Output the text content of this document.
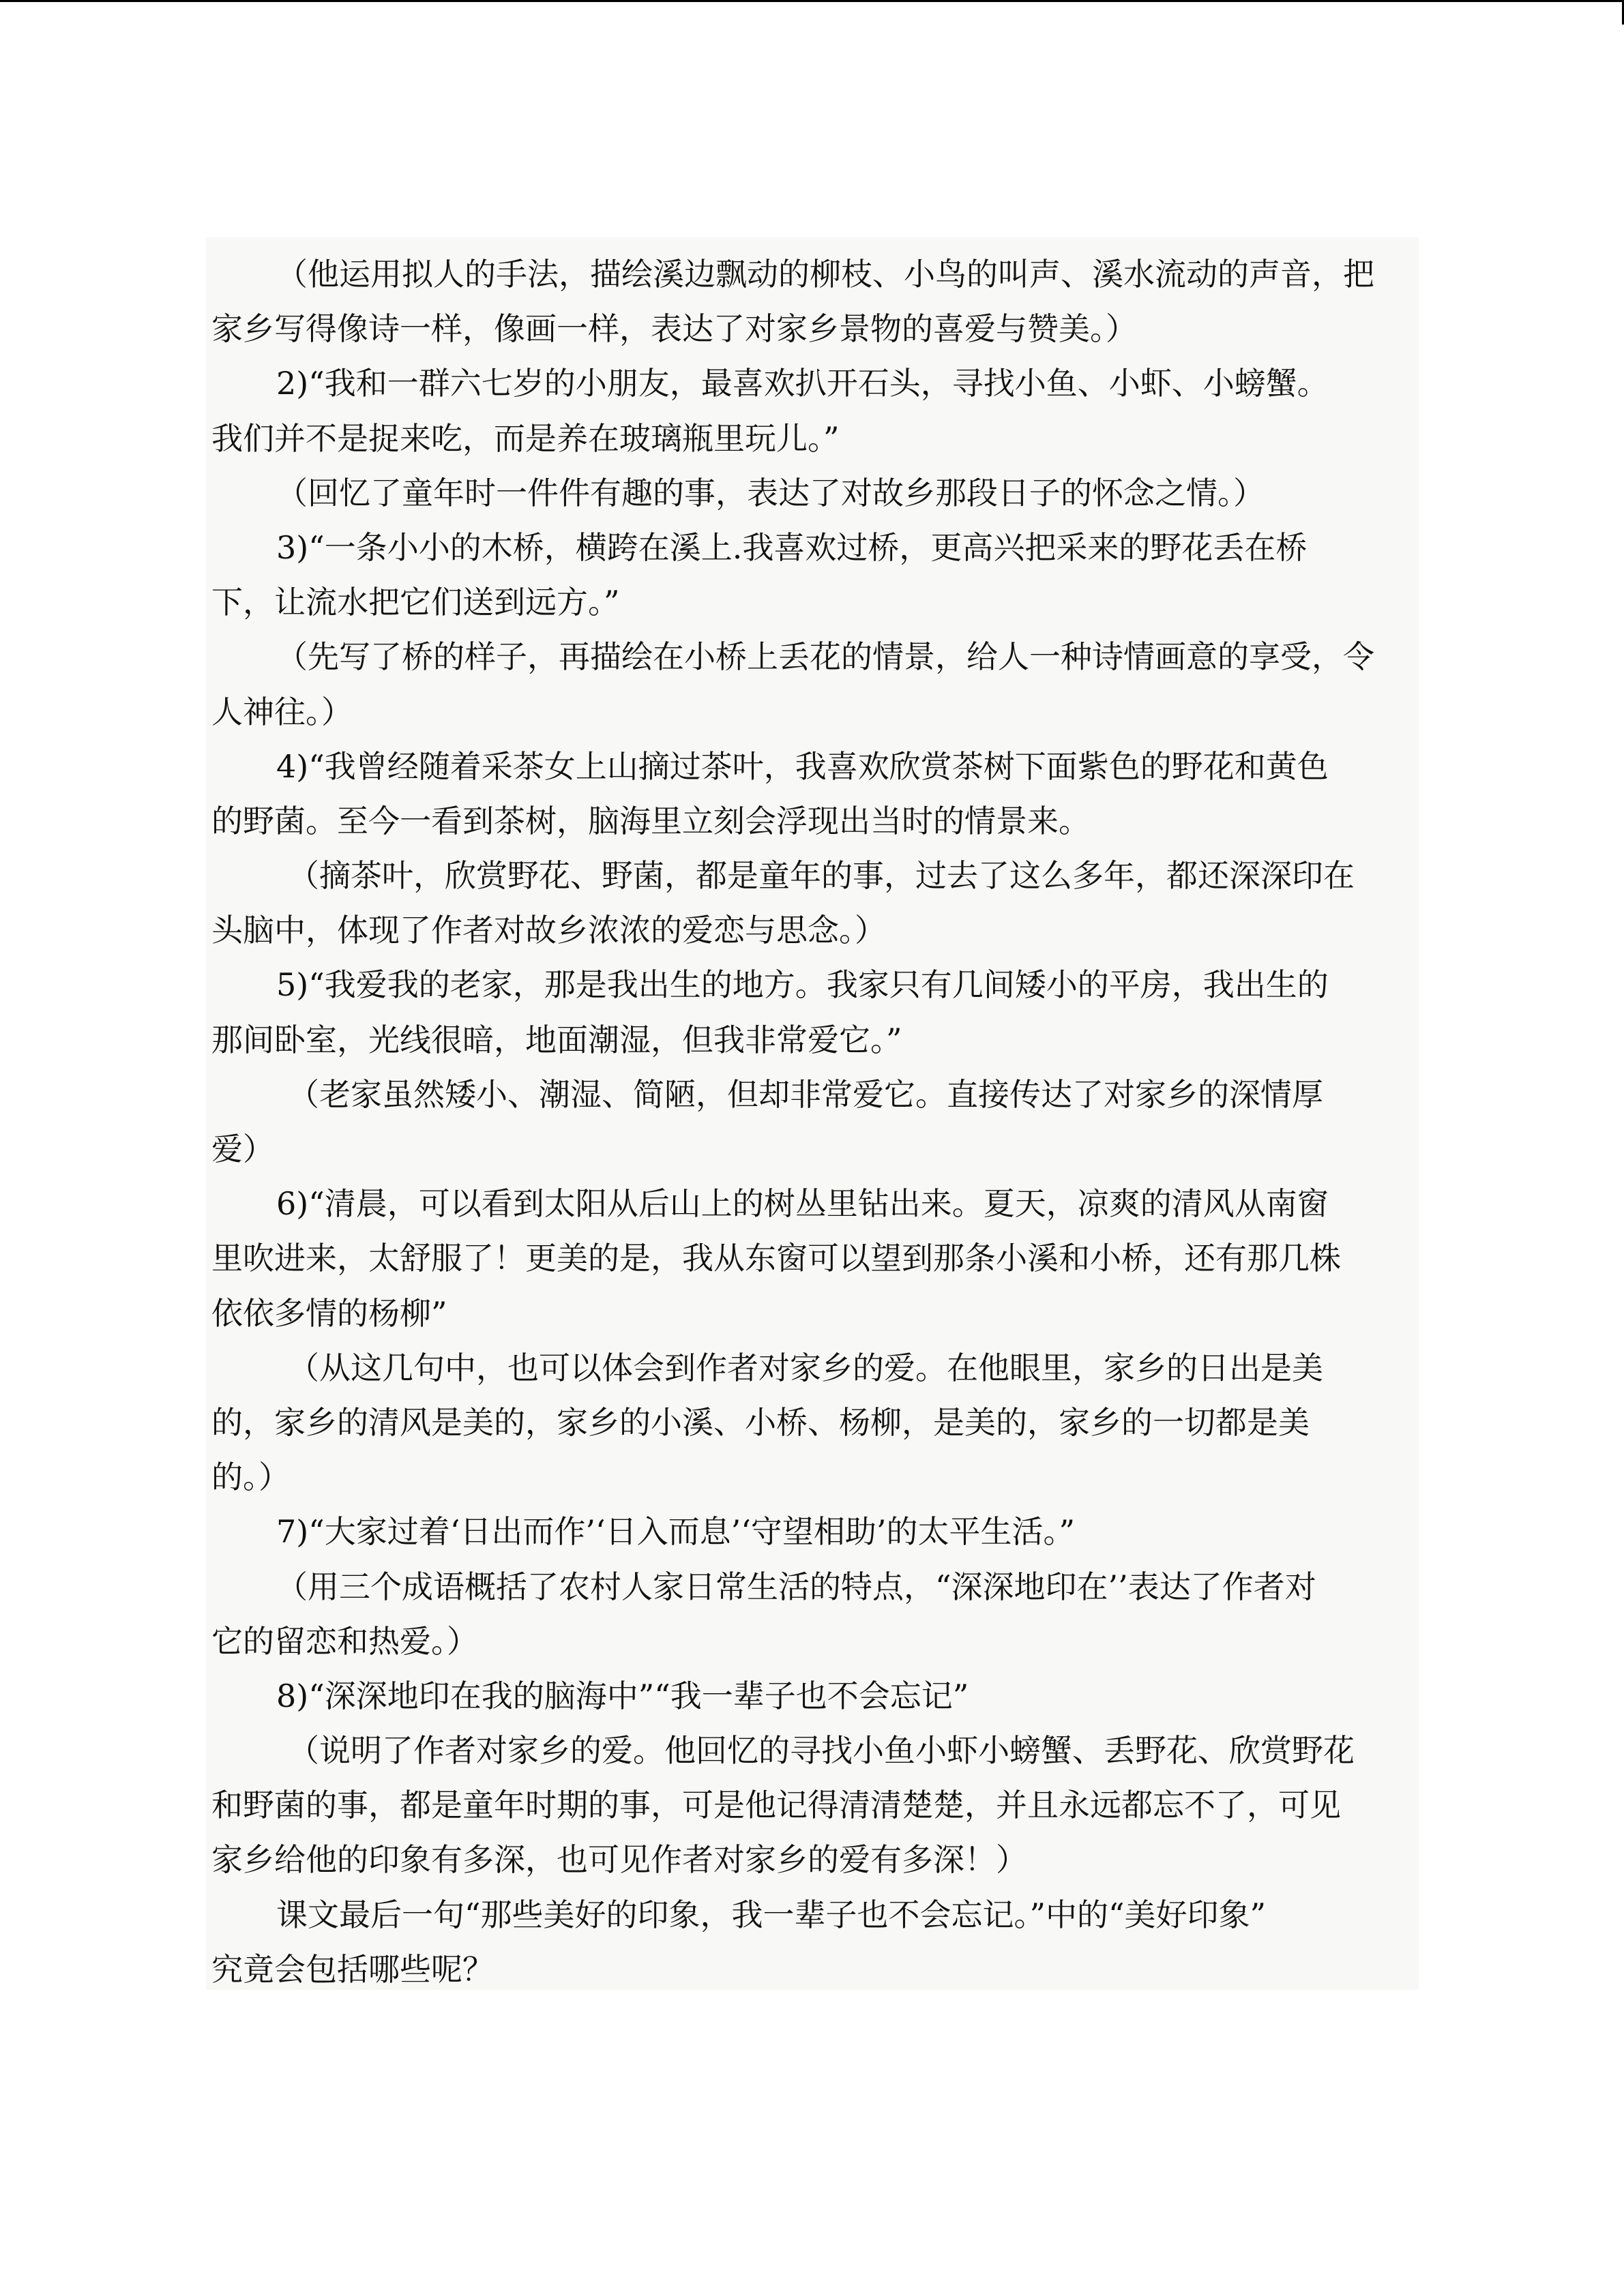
（他运用拟人的手法，描绘溪边飘动的柳枝、小鸟的叫声、溪水流动的声音，把
家乡写得像诗一样，像画一样，表达了对家乡景物的喜爱与赞美。）
2)“我和一群六七岁的小朋友，最喜欢扒开石头，寻找小鱼、小虾、小螃蟹。
我们并不是捉来吃，而是养在玻璃瓶里玩儿。”
（回忆了童年时一件件有趣的事，表达了对故乡那段日子的怀念之情。）
3)“一条小小的木桥，横跨在溪上.我喜欢过桥，更高兴把采来的野花丢在桥
下，让流水把它们送到远方。”
（先写了桥的样子，再描绘在小桥上丢花的情景，给人一种诗情画意的享受，令
人神往。）
4)“我曾经随着采茶女上山摘过茶叶，我喜欢欣赏茶树下面紫色的野花和黄色
的野菌。至今一看到茶树，脑海里立刻会浮现出当时的情景来。
（摘茶叶，欣赏野花、野菌，都是童年的事，过去了这么多年，都还深深印在
头脑中，体现了作者对故乡浓浓的爱恋与思念。）
5)“我爱我的老家，那是我出生的地方。我家只有几间矮小的平房，我出生的
那间卧室，光线很暗，地面潮湿，但我非常爱它。”
（老家虽然矮小、潮湿、简陋，但却非常爱它。直接传达了对家乡的深情厚
爱）
6)“清晨，可以看到太阳从后山上的树丛里钻出来。夏天，凉爽的清风从南窗
里吹进来，太舒服了！更美的是，我从东窗可以望到那条小溪和小桥，还有那几株
依依多情的杨柳”
（从这几句中，也可以体会到作者对家乡的爱。在他眼里，家乡的日出是美
的，家乡的清风是美的，家乡的小溪、小桥、杨柳，是美的，家乡的一切都是美
的。）
7)“大家过着‘日出而作’‘日入而息’‘守望相助’的太平生活。”
（用三个成语概括了农村人家日常生活的特点，“深深地印在’’表达了作者对
它的留恋和热爱。）
8)“深深地印在我的脑海中”“我一辈子也不会忘记”
（说明了作者对家乡的爱。他回忆的寻找小鱼小虾小螃蟹、丢野花、欣赏野花
和野菌的事，都是童年时期的事，可是他记得清清楚楚，并且永远都忘不了，可见
家乡给他的印象有多深，也可见作者对家乡的爱有多深！）
课文最后一句“那些美好的印象，我一辈子也不会忘记。”中的“美好印象”
究竟会包括哪些呢？
